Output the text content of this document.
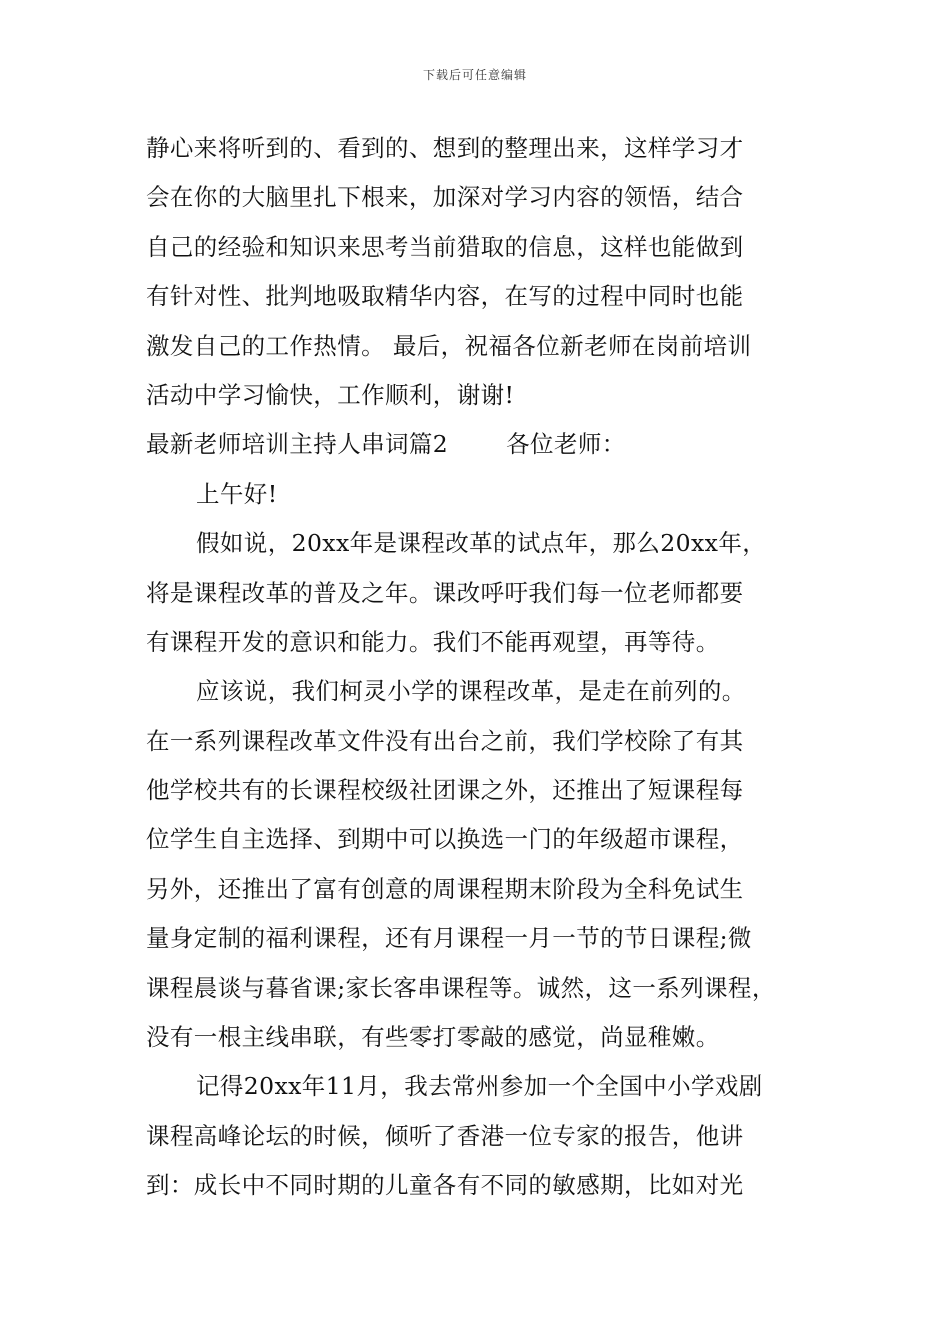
下载后可任意编辑
静心来将听到的、看到的、想到的整理出来，这样学习才
会在你的大脑里扎下根来，加深对学习内容的领悟，结合
自己的经验和知识来思考当前猎取的信息，这样也能做到
有针对性、批判地吸取精华内容，在写的过程中同时也能
激发自己的工作热情。 最后，祝福各位新老师在岗前培训
活动中学习愉快，工作顺利，谢谢!
最新老师培训主持人串词篇2 各位老师：
上午好!
假如说，20xx年是课程改革的试点年，那么20xx年，
将是课程改革的普及之年。课改呼吁我们每一位老师都要
有课程开发的意识和能力。我们不能再观望，再等待。
应该说，我们柯灵小学的课程改革，是走在前列的。
在一系列课程改革文件没有出台之前，我们学校除了有其
他学校共有的长课程校级社团课之外，还推出了短课程每
位学生自主选择、到期中可以换选一门的年级超市课程，
另外，还推出了富有创意的周课程期末阶段为全科免试生
量身定制的福利课程，还有月课程一月一节的节日课程;微
课程晨谈与暮省课;家长客串课程等。诚然，这一系列课程，
没有一根主线串联，有些零打零敲的感觉，尚显稚嫩。
记得20xx年11月，我去常州参加一个全国中小学戏剧
课程高峰论坛的时候，倾听了香港一位专家的报告，他讲
到：成长中不同时期的儿童各有不同的敏感期，比如对光
